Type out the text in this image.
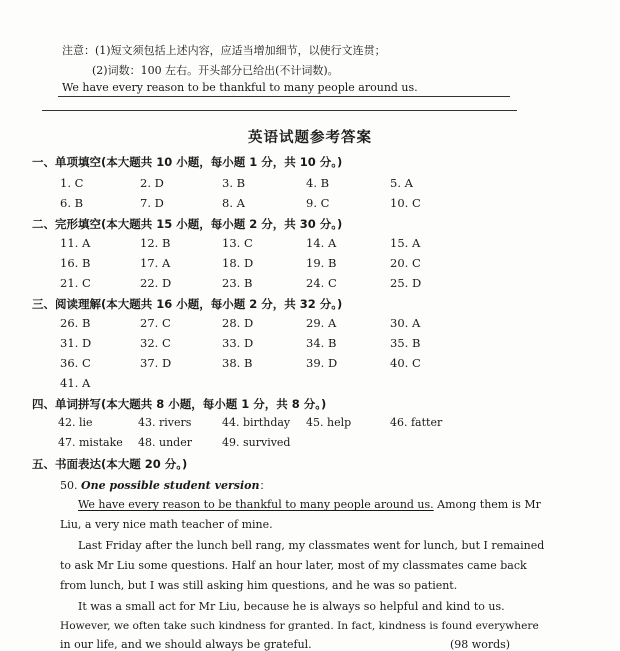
注意：(1)短文须包括上述内容，应适当增加细节，以使行文连贯；
(2)词数：100 左右。开头部分已给出(不计词数)。
We have every reason to be thankful to many people around us.
英语试题参考答案
一、单项填空(本大题共 10 小题，每小题 1 分，共 10 分。)
1. C	2. D	3. B	4. B	5. A
6. B	7. D	8. A	9. C	10. C
二、完形填空(本大题共 15 小题，每小题 2 分，共 30 分。)
11. A	12. B	13. C	14. A	15. A
16. B	17. A	18. D	19. B	20. C
21. C	22. D	23. B	24. C	25. D
三、阅读理解(本大题共 16 小题，每小题 2 分，共 32 分。)
26. B	27. C	28. D	29. A	30. A
31. D	32. C	33. D	34. B	35. B
36. C	37. D	38. B	39. D	40. C
41. A
四、单词拼写(本大题共 8 小题，每小题 1 分，共 8 分。)
42. lie	43. rivers	44. birthday 45. help	46. fatter
47. mistake 48. under	49. survived
五、书面表达(本大题 20 分。)
50. One possible student version：
We have every reason to be thankful to many people around us. Among them is Mr
Liu, a very nice math teacher of mine.
Last Friday after the lunch bell rang, my classmates went for lunch, but I remained
to ask Mr Liu some questions. Half an hour later, most of my classmates came back
from lunch, but I was still asking him questions, and he was so patient.
It was a small act for Mr Liu, because he is always so helpful and kind to us.
However, we often take such kindness for granted. In fact, kindness is found everywhere
in our life, and we should always be grateful.	(98 words)
